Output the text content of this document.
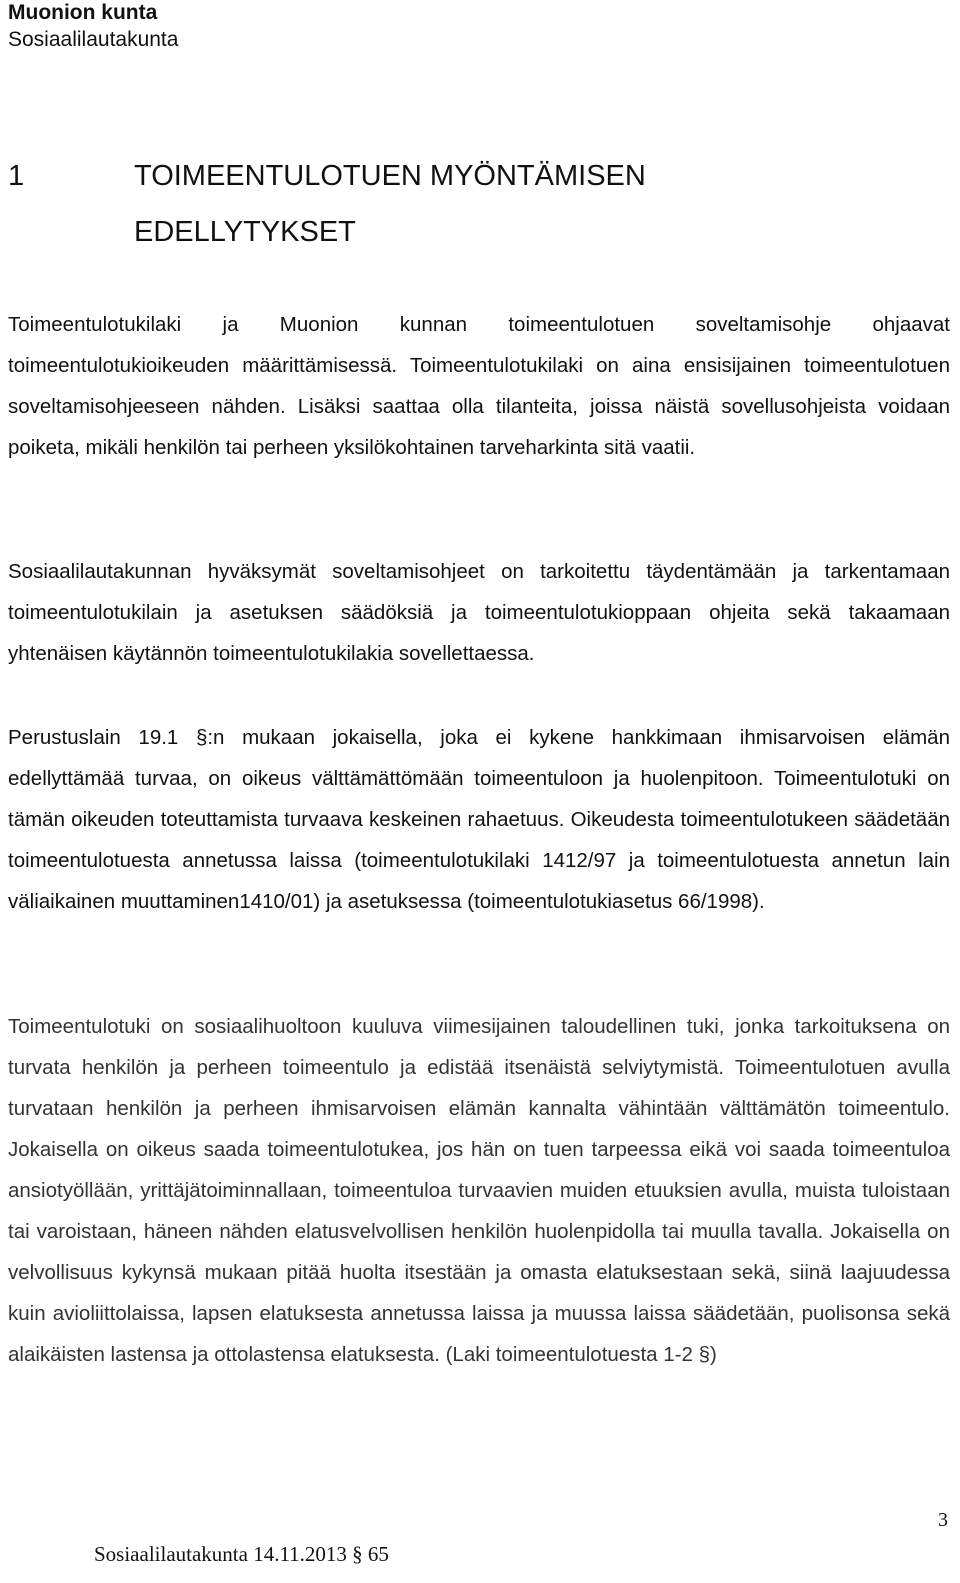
Muonion kunta

Sosiaalilautakunta

1	TOIMEENTULOTUEN MYÖNTÄMISEN EDELLYTYKSET

Toimeentulotukilaki ja Muonion kunnan toimeentulotuen soveltamisohje ohjaavat toimeentulotukioikeuden määrittämisessä. Toimeentulotukilaki on aina ensisijainen toimeentulotuen soveltamisohjeeseen nähden. Lisäksi saattaa olla tilanteita, joissa näistä sovellusohjeista voidaan poiketa, mikäli henkilön tai perheen yksilökohtainen tarveharkinta sitä vaatii.

Sosiaalilautakunnan hyväksymät soveltamisohjeet on tarkoitettu täydentämään ja tarkentamaan toimeentulotukilain ja asetuksen säädöksiä ja toimeentulotukioppaan ohjeita sekä takaamaan yhtenäisen käytännön toimeentulotukilakia sovellettaessa.

Perustuslain 19.1 §:n mukaan jokaisella, joka ei kykene hankkimaan ihmisarvoisen elämän edellyttämää turvaa, on oikeus välttämättömään toimeentuloon ja huolenpitoon. Toimeentulotuki on tämän oikeuden toteuttamista turvaava keskeinen rahaetuus. Oikeudesta toimeentulotukeen säädetään toimeentulotuesta annetussa laissa (toimeentulotukilaki 1412/97 ja toimeentulotuesta annetun lain väliaikainen muuttaminen1410/01) ja asetuksessa (toimeentulotukiasetus 66/1998).

Toimeentulotuki on sosiaalihuoltoon kuuluva viimesijainen taloudellinen tuki, jonka tarkoituksena on turvata henkilön ja perheen toimeentulo ja edistää itsenäistä selviytymistä. Toimeentulotuen avulla turvataan henkilön ja perheen ihmisarvoisen elämän kannalta vähintään välttämätön toimeentulo. Jokaisella on oikeus saada toimeentulotukea, jos hän on tuen tarpeessa eikä voi saada toimeentuloa ansiotyöllään, yrittäjätoiminnallaan, toimeentuloa turvaavien muiden etuuksien avulla, muista tuloistaan tai varoistaan, häneen nähden elatusvelvollisen henkilön huolenpidolla tai muulla tavalla. Jokaisella on velvollisuus kykynsä mukaan pitää huolta itsestään ja omasta elatuksestaan sekä, siinä laajuudessa kuin avioliittolaissa, lapsen elatuksesta annetussa laissa ja muussa laissa säädetään, puolisonsa sekä alaikäisten lastensa ja ottolastensa elatuksesta. (Laki toimeentulotuesta 1-2 §)

Sosiaalilautakunta 14.11.2013 § 65
3
